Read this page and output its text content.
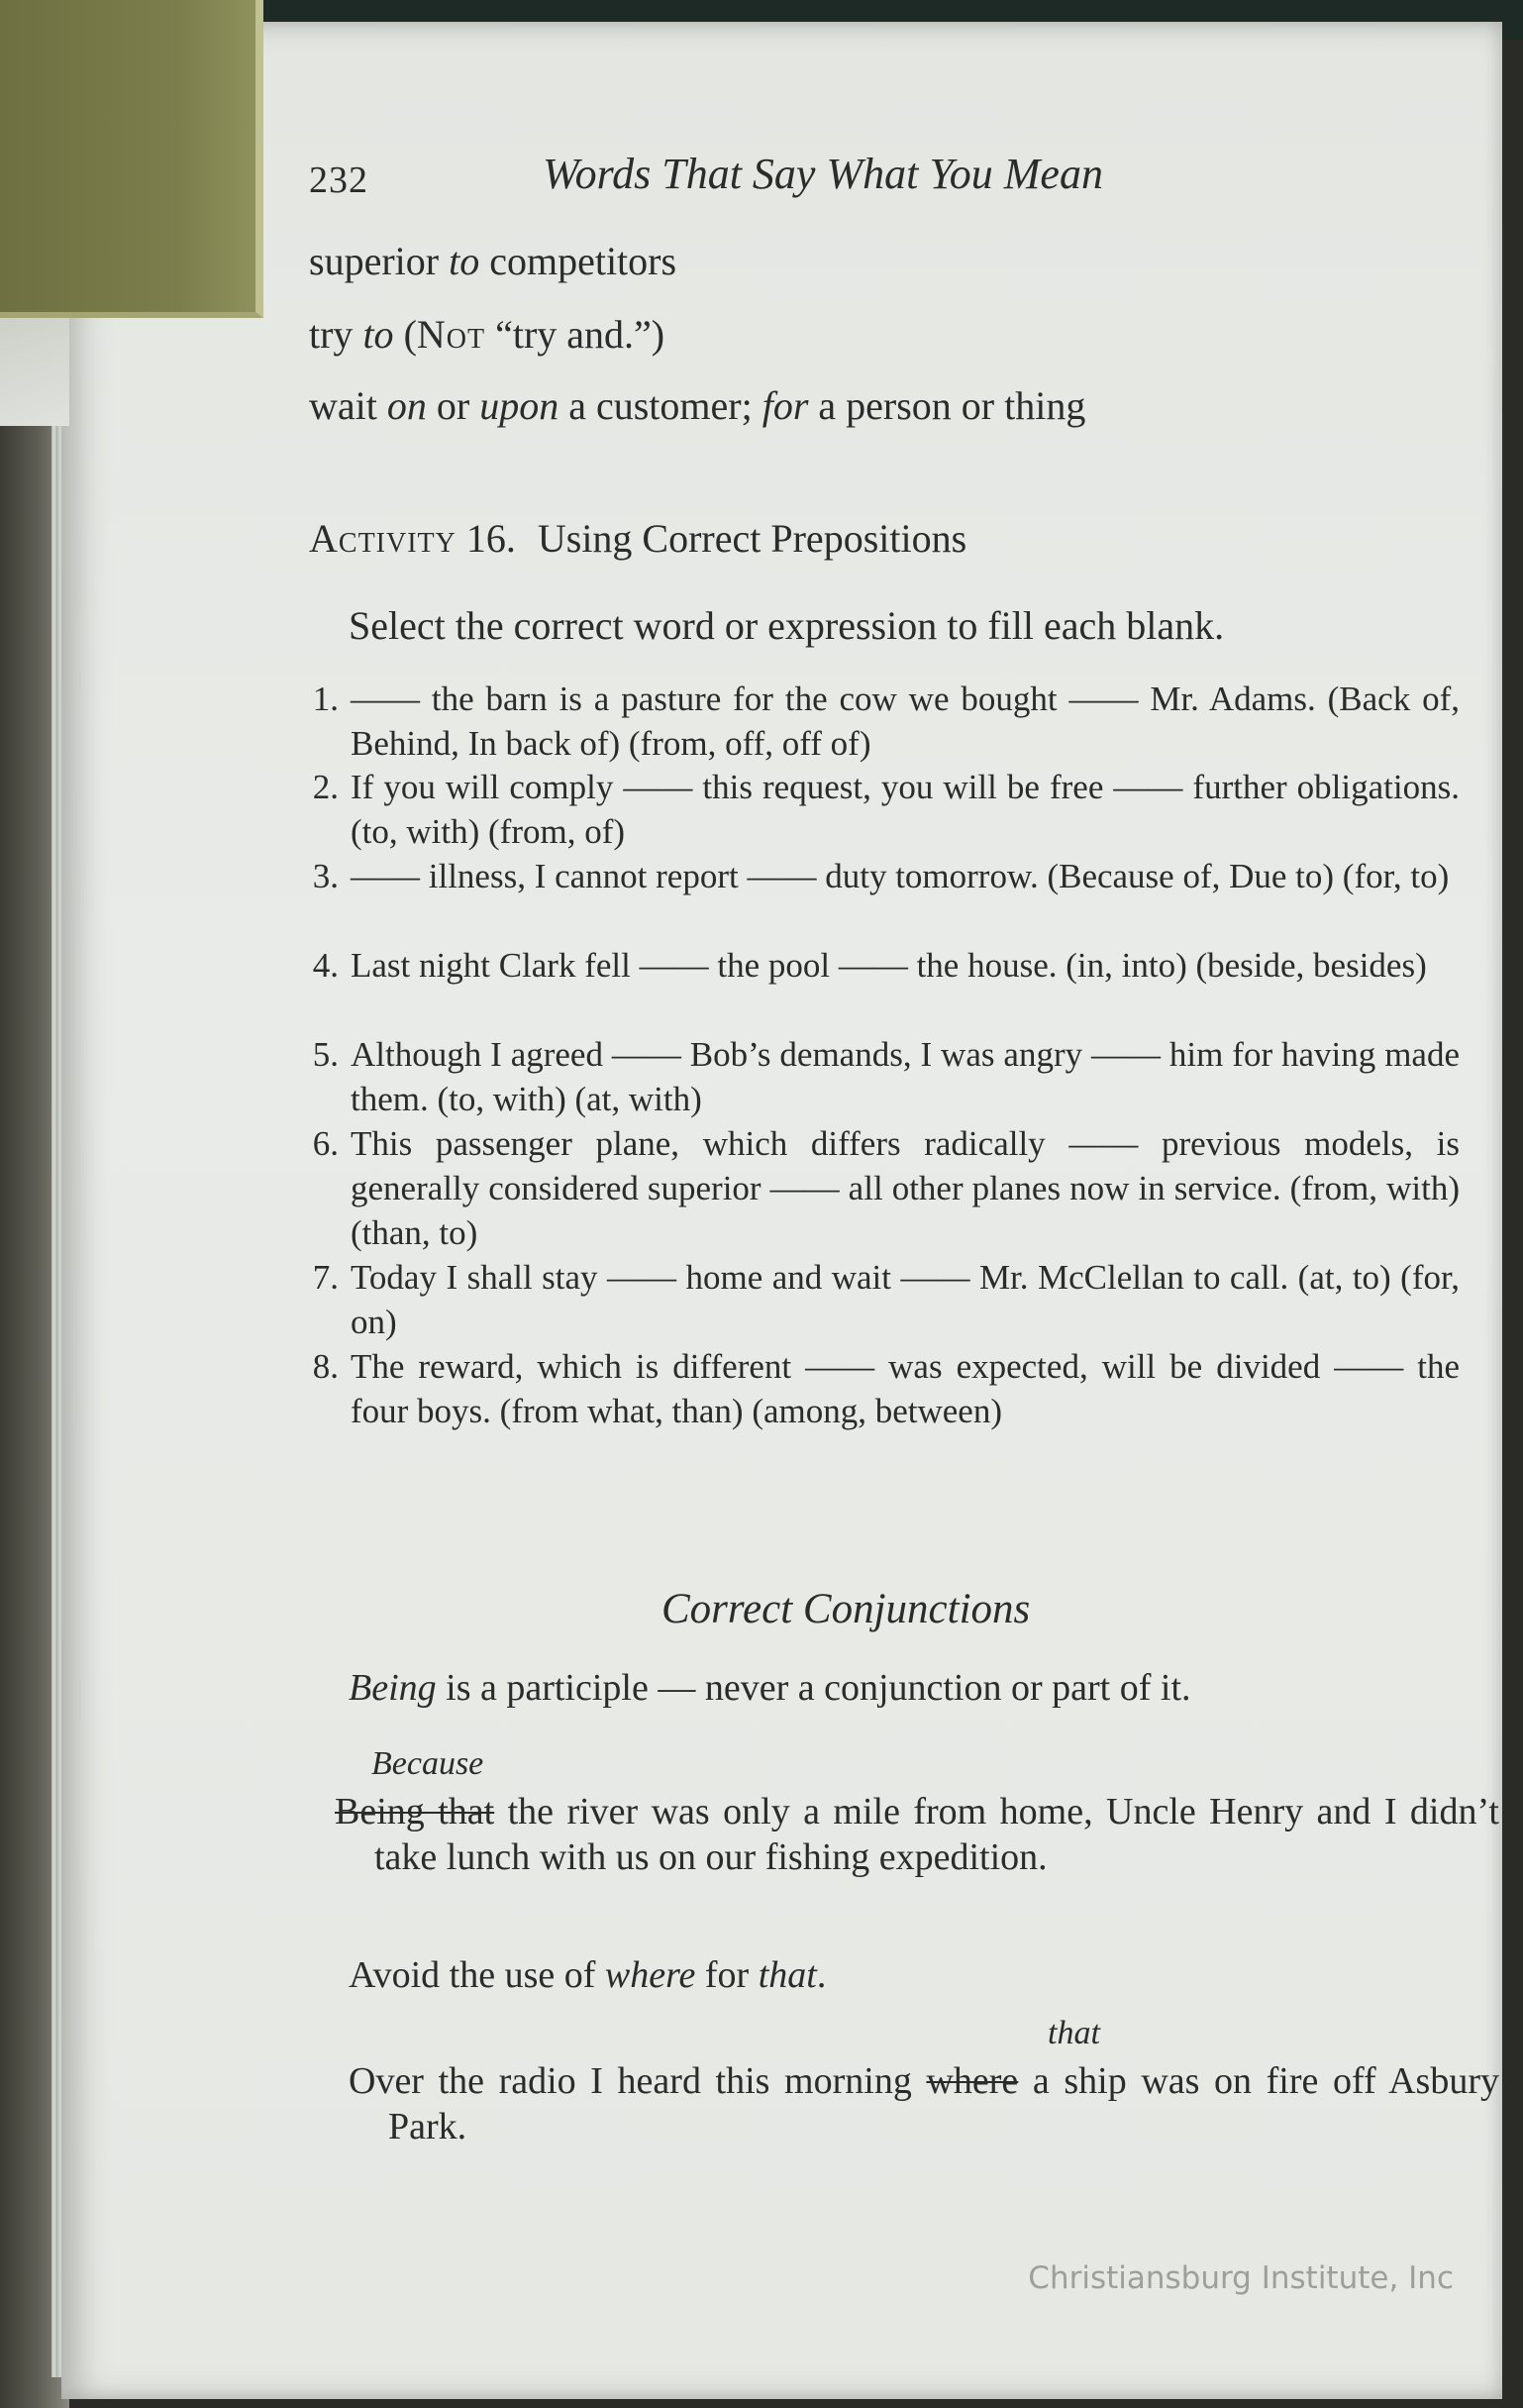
232	Words That Say What You Mean
superior to competitors
try to (Not “try and.”)
wait on or upon a customer; for a person or thing
Activity 16. Using Correct Prepositions
Select the correct word or expression to fill each blank.
1. —— the barn is a pasture for the cow we bought —— Mr. Adams. (Back of, Behind, In back of) (from, off, off of)
2. If you will comply —— this request, you will be free —— further obligations. (to, with) (from, of)
3. —— illness, I cannot report —— duty tomorrow. (Because of, Due to) (for, to)
4. Last night Clark fell —— the pool —— the house. (in, into) (beside, besides)
5. Although I agreed —— Bob’s demands, I was angry —— him for having made them. (to, with) (at, with)
6. This passenger plane, which differs radically —— previous models, is generally considered superior —— all other planes now in service. (from, with) (than, to)
7. Today I shall stay —— home and wait —— Mr. McClellan to call. (at, to) (for, on)
8. The reward, which is different —— was expected, will be divided —— the four boys. (from what, than) (among, between)
Correct Conjunctions
Being is a participle — never a conjunction or part of it.
Because
Being that the river was only a mile from home, Uncle Henry and I didn’t take lunch with us on our fishing expedition.
Avoid the use of where for that.
that
Over the radio I heard this morning where a ship was on fire off Asbury Park.
Christiansburg Institute, Inc
